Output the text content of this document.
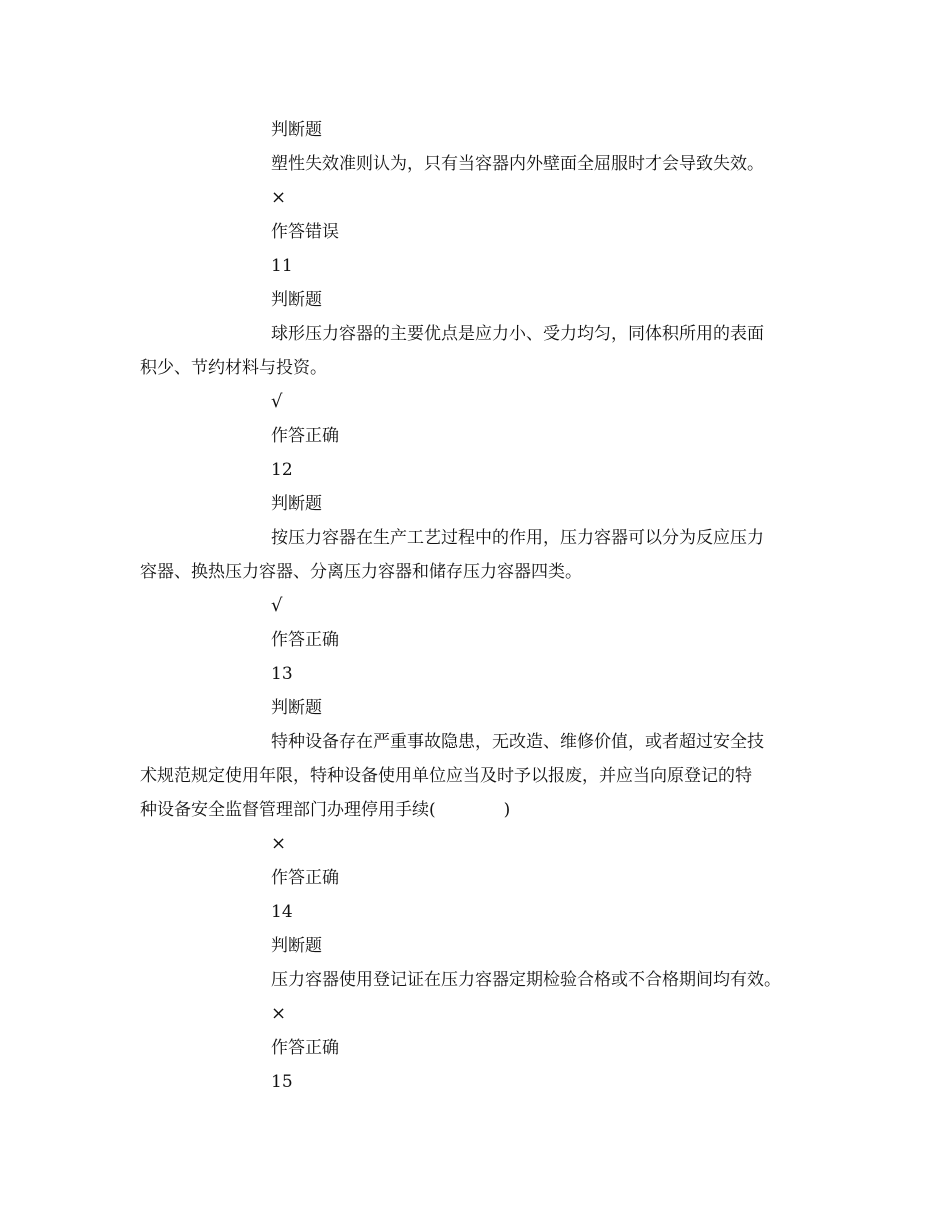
判断题
塑性失效准则认为，只有当容器内外壁面全屈服时才会导致失效。
×
作答错误
11
判断题
球形压力容器的主要优点是应力小、受力均匀，同体积所用的表面
积少、节约材料与投资。
√
作答正确
12
判断题
按压力容器在生产工艺过程中的作用，压力容器可以分为反应压力
容器、换热压力容器、分离压力容器和储存压力容器四类。
√
作答正确
13
判断题
特种设备存在严重事故隐患，无改造、维修价值，或者超过安全技
术规范规定使用年限，特种设备使用单位应当及时予以报废，并应当向原登记的特
种设备安全监督管理部门办理停用手续(　　　　)
×
作答正确
14
判断题
压力容器使用登记证在压力容器定期检验合格或不合格期间均有效。
×
作答正确
15
